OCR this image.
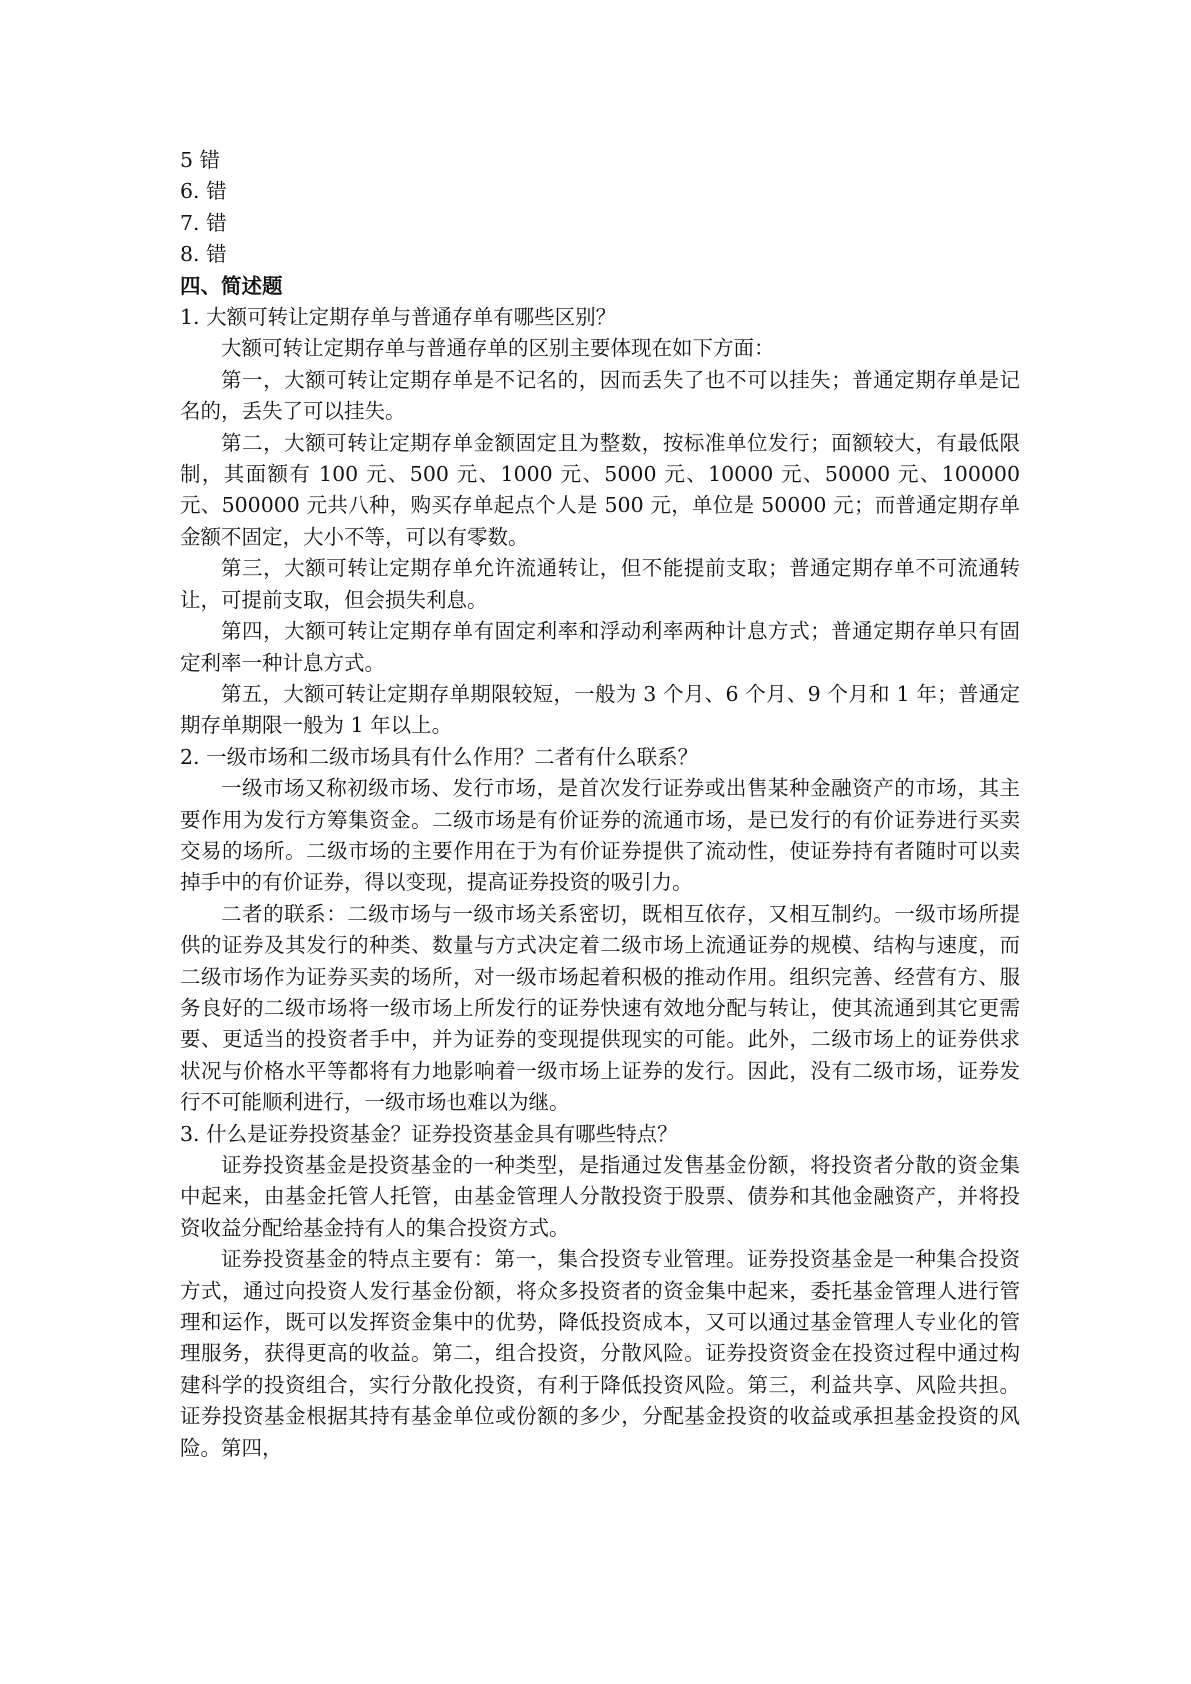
5 错

6. 错

7. 错

8. 错

四、简述题

1. 大额可转让定期存单与普通存单有哪些区别？

大额可转让定期存单与普通存单的区别主要体现在如下方面：

第一，大额可转让定期存单是不记名的，因而丢失了也不可以挂失；普通定期存单是记名的，丢失了可以挂失。

第二，大额可转让定期存单金额固定且为整数，按标准单位发行；面额较大，有最低限制，其面额有 100 元、500 元、1000 元、5000 元、10000 元、50000 元、100000 元、500000 元共八种，购买存单起点个人是 500 元，单位是 50000 元；而普通定期存单金额不固定，大小不等，可以有零数。

第三，大额可转让定期存单允许流通转让，但不能提前支取；普通定期存单不可流通转让，可提前支取，但会损失利息。

第四，大额可转让定期存单有固定利率和浮动利率两种计息方式；普通定期存单只有固定利率一种计息方式。

第五，大额可转让定期存单期限较短，一般为 3 个月、6 个月、9 个月和 1 年；普通定期存单期限一般为 1 年以上。

2. 一级市场和二级市场具有什么作用？二者有什么联系？

一级市场又称初级市场、发行市场，是首次发行证券或出售某种金融资产的市场，其主要作用为发行方筹集资金。二级市场是有价证券的流通市场，是已发行的有价证券进行买卖交易的场所。二级市场的主要作用在于为有价证券提供了流动性，使证券持有者随时可以卖掉手中的有价证券，得以变现，提高证券投资的吸引力。

二者的联系：二级市场与一级市场关系密切，既相互依存，又相互制约。一级市场所提供的证券及其发行的种类、数量与方式决定着二级市场上流通证券的规模、结构与速度，而二级市场作为证券买卖的场所，对一级市场起着积极的推动作用。组织完善、经营有方、服务良好的二级市场将一级市场上所发行的证券快速有效地分配与转让，使其流通到其它更需要、更适当的投资者手中，并为证券的变现提供现实的可能。此外，二级市场上的证券供求状况与价格水平等都将有力地影响着一级市场上证券的发行。因此，没有二级市场，证券发行不可能顺利进行，一级市场也难以为继。

3. 什么是证券投资基金？证券投资基金具有哪些特点？

证券投资基金是投资基金的一种类型，是指通过发售基金份额，将投资者分散的资金集中起来，由基金托管人托管，由基金管理人分散投资于股票、债券和其他金融资产，并将投资收益分配给基金持有人的集合投资方式。

证券投资基金的特点主要有：第一，集合投资专业管理。证券投资基金是一种集合投资方式，通过向投资人发行基金份额，将众多投资者的资金集中起来，委托基金管理人进行管理和运作，既可以发挥资金集中的优势，降低投资成本，又可以通过基金管理人专业化的管理服务，获得更高的收益。第二，组合投资，分散风险。证券投资资金在投资过程中通过构建科学的投资组合，实行分散化投资，有利于降低投资风险。第三，利益共享、风险共担。证券投资基金根据其持有基金单位或份额的多少，分配基金投资的收益或承担基金投资的风险。第四，
